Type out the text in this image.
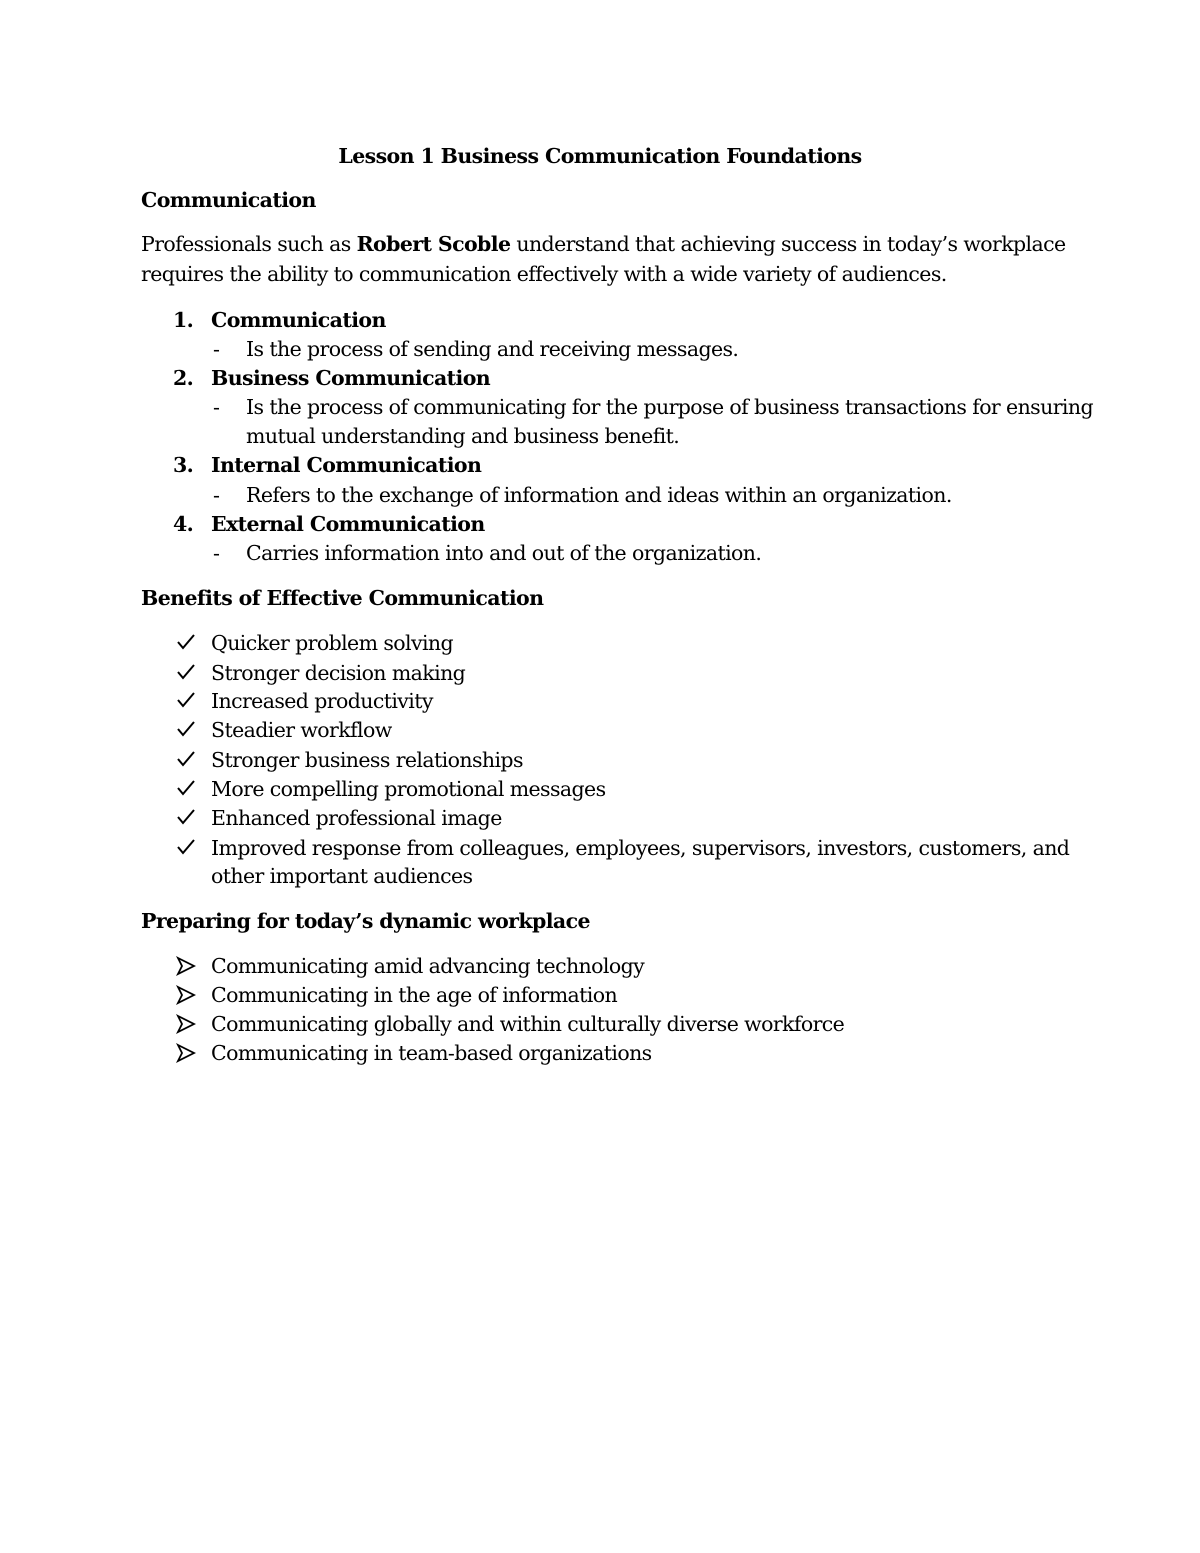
Lesson 1 Business Communication Foundations
Communication
Professionals such as Robert Scoble understand that achieving success in today’s workplace
requires the ability to communication effectively with a wide variety of audiences.
1. Communication
- Is the process of sending and receiving messages.
2. Business Communication
- Is the process of communicating for the purpose of business transactions for ensuring
mutual understanding and business benefit.
3. Internal Communication
- Refers to the exchange of information and ideas within an organization.
4. External Communication
- Carries information into and out of the organization.
Benefits of Effective Communication
Quicker problem solving
Stronger decision making
Increased productivity
Steadier workflow
Stronger business relationships
More compelling promotional messages
Enhanced professional image
Improved response from colleagues, employees, supervisors, investors, customers, and
other important audiences
Preparing for today’s dynamic workplace
Communicating amid advancing technology
Communicating in the age of information
Communicating globally and within culturally diverse workforce
Communicating in team-based organizations
